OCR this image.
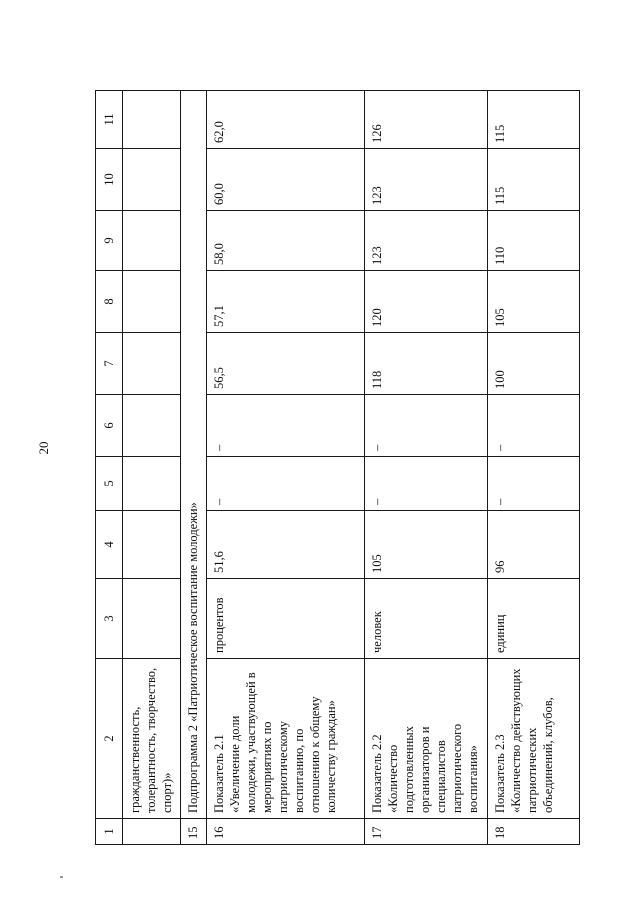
20
1	2	3	4	5	6	7	8	9	10	11
	гражданственность, толерантность, творчество, спорт)»									
15	Подпрограмма 2 «Патриотическое воспитание молодежи»									
16	Показатель 2.1 «Увеличение доли молодежи, участвующей в мероприятиях по патриотическому воспитанию, по отношению к общему количеству граждан»	процентов	51,6	–	–	56,5	57,1	58,0	60,0	62,0
17	Показатель 2.2 «Количество подготовленных организаторов и специалистов патриотического воспитания»	человек	105	–	–	118	120	123	123	126
18	Показатель 2.3 «Количество действующих патриотических объединений, клубов,	единиц	96	–	–	100	105	110	115	115
